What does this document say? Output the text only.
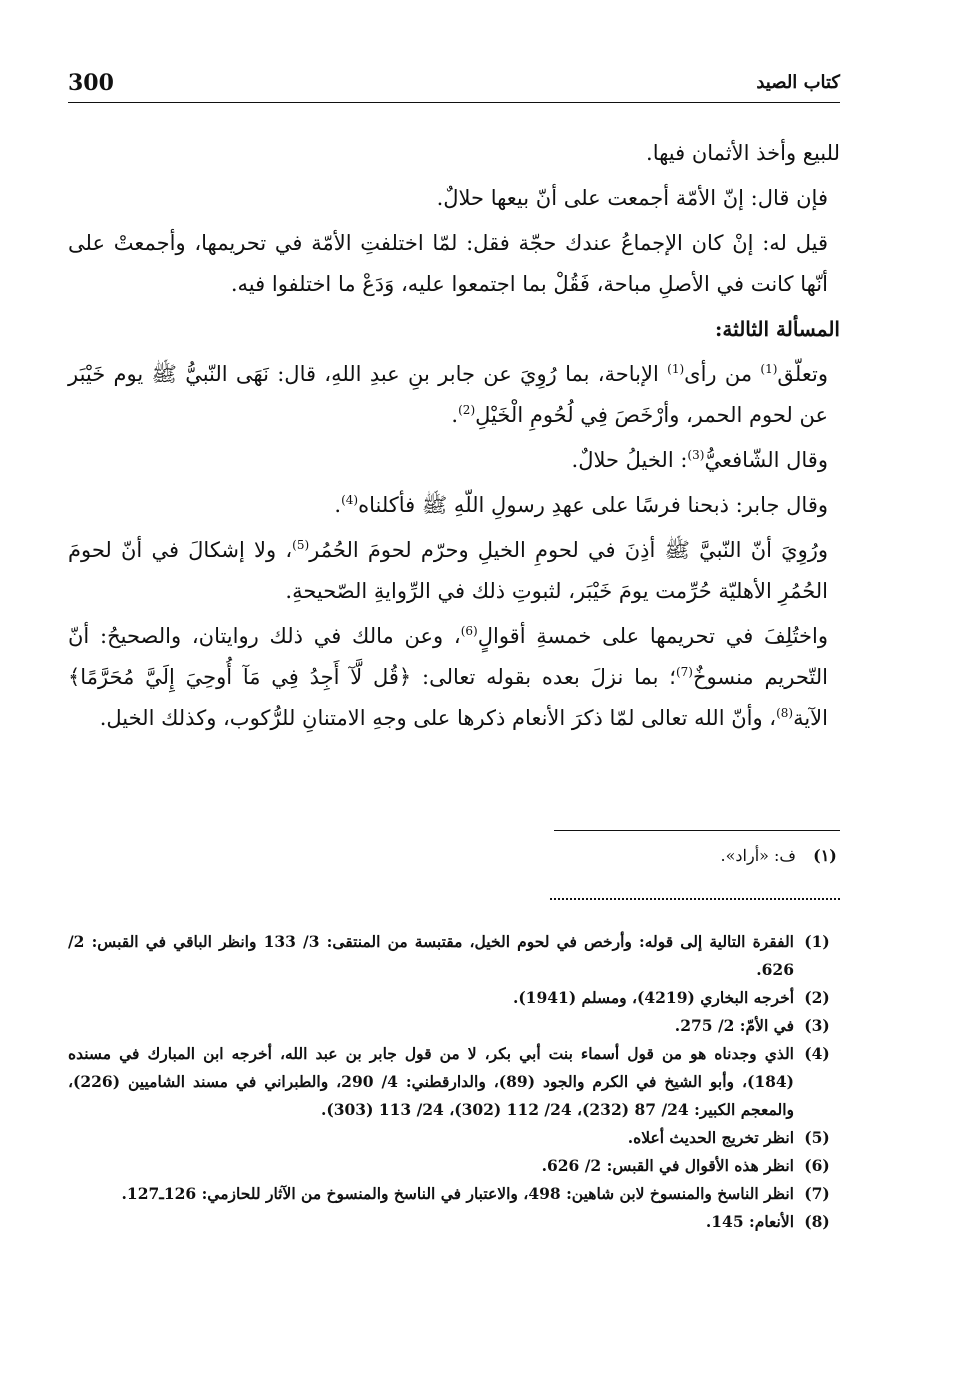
300	كتاب الصيد

للبيع وأخذ الأثمان فيها.

فإن قال: إنّ الأمّة أجمعت على أنّ بيعها حلالٌ.

قيل له: إنْ كان الإجماعُ عندك حجّة فقل: لمّا اختلفتِ الأمّة في تحريمها، وأجمعتْ على أنّها كانت في الأصلِ مباحة، فَقُلْ بما اجتمعوا عليه، وَدَعْ ما اختلفوا فيه.

المسألة الثالثة:

وتعلّق$^{(1)}$ من رأى$^{(1)}$ الإباحة، بما رُوِيَ عن جابر بنِ عبدِ اللهِ، قال: نَهَى النّبيُّ ﷺ يوم خَيْبَر عن لحوم الحمر، وأرْخَصَ فِي لُحُومِ الْخَيْلِ$^{(2)}$.

وقال الشّافعيُّ$^{(3)}$: الخيلُ حلالٌ.

وقال جابر: ذبحنا فرسًا على عهدِ رسولِ اللّهِ ﷺ فأكلناه$^{(4)}$.

ورُوِيَ أنّ النّبيَّ ﷺ أذِنَ في لحومِ الخيلِ وحرّم لحومَ الحُمُر$^{(5)}$، ولا إشكالَ في أنّ لحومَ الحُمُرِ الأهليّة حُرِّمت يومَ خَيْبَر، لثبوتِ ذلك في الرِّوايةِ الصّحيحةِ.

واختُلِفَ في تحريمها على خمسةِ أقوالٍ$^{(6)}$، وعن مالك في ذلك روايتان، والصحيحُ: أنّ التّحريم منسوخٌ$^{(7)}$؛ بما نزلَ بعده بقوله تعالى: ﴿قُل لَّآ أَجِدُ فِي مَآ أُوحِيَ إِلَيَّ مُحَرَّمًا﴾ الآية$^{(8)}$، وأنّ الله تعالى لمّا ذكرَ الأنعام ذكرها على وجهِ الامتنانِ للرُّكوب، وكذلك الخيل.

(١)
ف: «أراد».
(1)
الفقرة التالية إلى قوله: وأرخص في لحوم الخيل، مقتبسة من المنتقى: 3/ 133 وانظر الباقي في القبس: 2/ 626.
(2)
أخرجه البخاري (4219)، ومسلم (1941).
(3)
في الأمّ: 2/ 275.
(4)
الذي وجدناه هو من قول أسماء بنت أبي بكر، لا من قول جابر بن عبد الله، أخرجه ابن المبارك في مسنده (184)، وأبو الشيخ في الكرم والجود (89)، والدارقطني: 4/ 290، والطبراني في مسند الشاميين (226)، والمعجم الكبير: 24/ 87 (232)، 24/ 112 (302)، 24/ 113 (303).
(5)
انظر تخريج الحديث أعلاه.
(6)
انظر هذه الأقوال في القبس: 2/ 626.
(7)
انظر الناسخ والمنسوخ لابن شاهين: 498، والاعتبار في الناسخ والمنسوخ من الآثار للحازمي: 126ـ127.
(8)
الأنعام: 145.
